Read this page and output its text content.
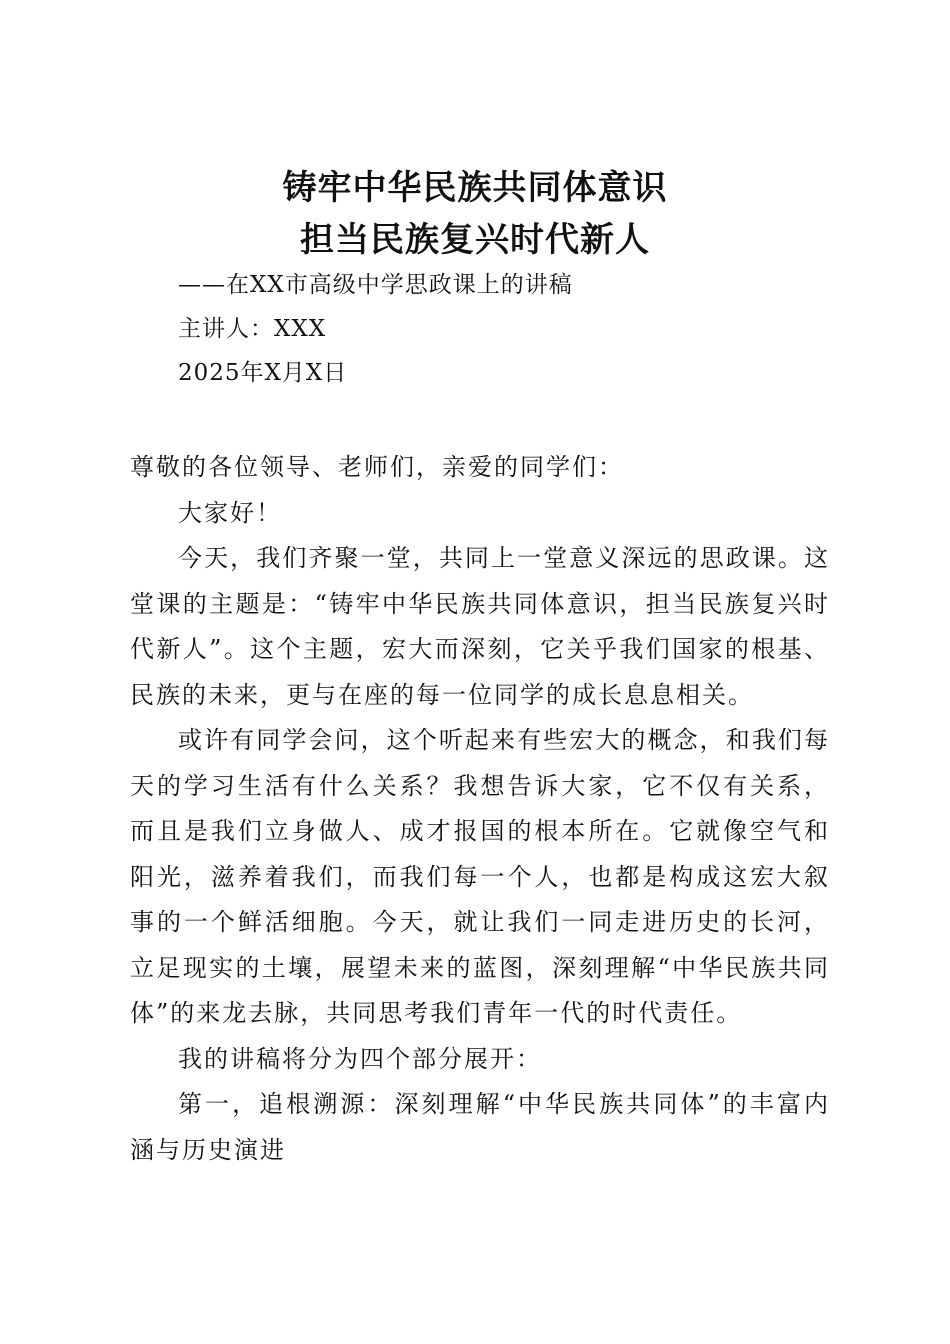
铸牢中华民族共同体意识
担当民族复兴时代新人
——在XX市高级中学思政课上的讲稿
主讲人：XXX
2025年X月X日

尊敬的各位领导、老师们，亲爱的同学们：

大家好！

今天，我们齐聚一堂，共同上一堂意义深远的思政课。这堂课的主题是：“铸牢中华民族共同体意识，担当民族复兴时代新人”。这个主题，宏大而深刻，它关乎我们国家的根基、民族的未来，更与在座的每一位同学的成长息息相关。

或许有同学会问，这个听起来有些宏大的概念，和我们每天的学习生活有什么关系？我想告诉大家，它不仅有关系，而且是我们立身做人、成才报国的根本所在。它就像空气和阳光，滋养着我们，而我们每一个人，也都是构成这宏大叙事的一个鲜活细胞。今天，就让我们一同走进历史的长河，立足现实的土壤，展望未来的蓝图，深刻理解“中华民族共同体”的来龙去脉，共同思考我们青年一代的时代责任。

我的讲稿将分为四个部分展开：

第一，追根溯源：深刻理解“中华民族共同体”的丰富内涵与历史演进
